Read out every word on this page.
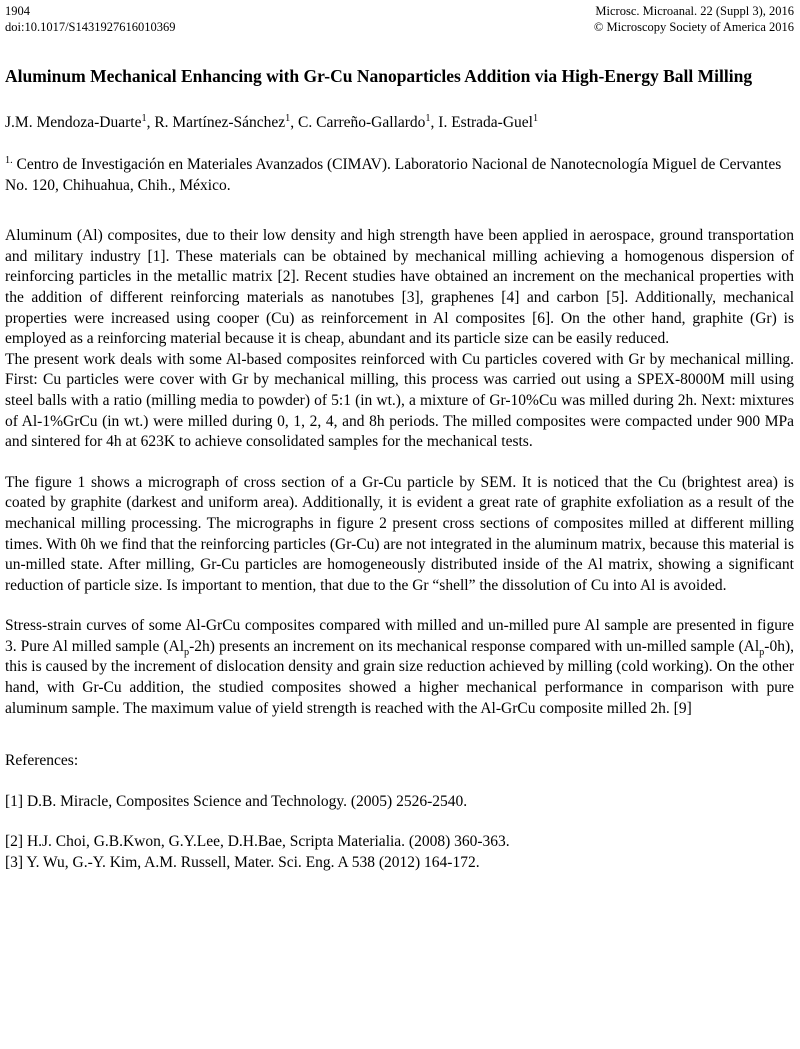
1904
doi:10.1017/S1431927616010369
Microsc. Microanal. 22 (Suppl 3), 2016
© Microscopy Society of America 2016
Aluminum Mechanical Enhancing with Gr-Cu Nanoparticles Addition via High-Energy Ball Milling

J.M. Mendoza-Duarte$^1$, R. Martínez-Sánchez$^1$, C. Carreño-Gallardo$^1$, I. Estrada-Guel$^1$

$^{1.}$ Centro de Investigación en Materiales Avanzados (CIMAV). Laboratorio Nacional de Nanotecnología Miguel de Cervantes No. 120, Chihuahua, Chih., México.

Aluminum (Al) composites, due to their low density and high strength have been applied in aerospace, ground transportation and military industry [1]. These materials can be obtained by mechanical milling achieving a homogenous dispersion of reinforcing particles in the metallic matrix [2]. Recent studies have obtained an increment on the mechanical properties with the addition of different reinforcing materials as nanotubes [3], graphenes [4] and carbon [5]. Additionally, mechanical properties were increased using cooper (Cu) as reinforcement in Al composites [6]. On the other hand, graphite (Gr) is employed as a reinforcing material because it is cheap, abundant and its particle size can be easily reduced.

The present work deals with some Al-based composites reinforced with Cu particles covered with Gr by mechanical milling. First: Cu particles were cover with Gr by mechanical milling, this process was carried out using a SPEX-8000M mill using steel balls with a ratio (milling media to powder) of 5:1 (in wt.), a mixture of Gr-10%Cu was milled during 2h. Next: mixtures of Al-1%GrCu (in wt.) were milled during 0, 1, 2, 4, and 8h periods. The milled composites were compacted under 900 MPa and sintered for 4h at 623K to achieve consolidated samples for the mechanical tests.

The figure 1 shows a micrograph of cross section of a Gr-Cu particle by SEM. It is noticed that the Cu (brightest area) is coated by graphite (darkest and uniform area). Additionally, it is evident a great rate of graphite exfoliation as a result of the mechanical milling processing. The micrographs in figure 2 present cross sections of composites milled at different milling times. With 0h we find that the reinforcing particles (Gr-Cu) are not integrated in the aluminum matrix, because this material is un-milled state. After milling, Gr-Cu particles are homogeneously distributed inside of the Al matrix, showing a significant reduction of particle size. Is important to mention, that due to the Gr “shell” the dissolution of Cu into Al is avoided.

Stress-strain curves of some Al-GrCu composites compared with milled and un-milled pure Al sample are presented in figure 3. Pure Al milled sample $(Al_p-2h)$ presents an increment on its mechanical response compared with un-milled sample $(Al_p-0h)$, this is caused by the increment of dislocation density and grain size reduction achieved by milling (cold working). On the other hand, with Gr-Cu addition, the studied composites showed a higher mechanical performance in comparison with pure aluminum sample. The maximum value of yield strength is reached with the Al-GrCu composite milled 2h. [9]

References:

[1] D.B. Miracle, Composites Science and Technology. (2005) 2526-2540.

[2] H.J. Choi, G.B.Kwon, G.Y.Lee, D.H.Bae, Scripta Materialia. (2008) 360-363.

[3] Y. Wu, G.-Y. Kim, A.M. Russell, Mater. Sci. Eng. A 538 (2012) 164-172.
